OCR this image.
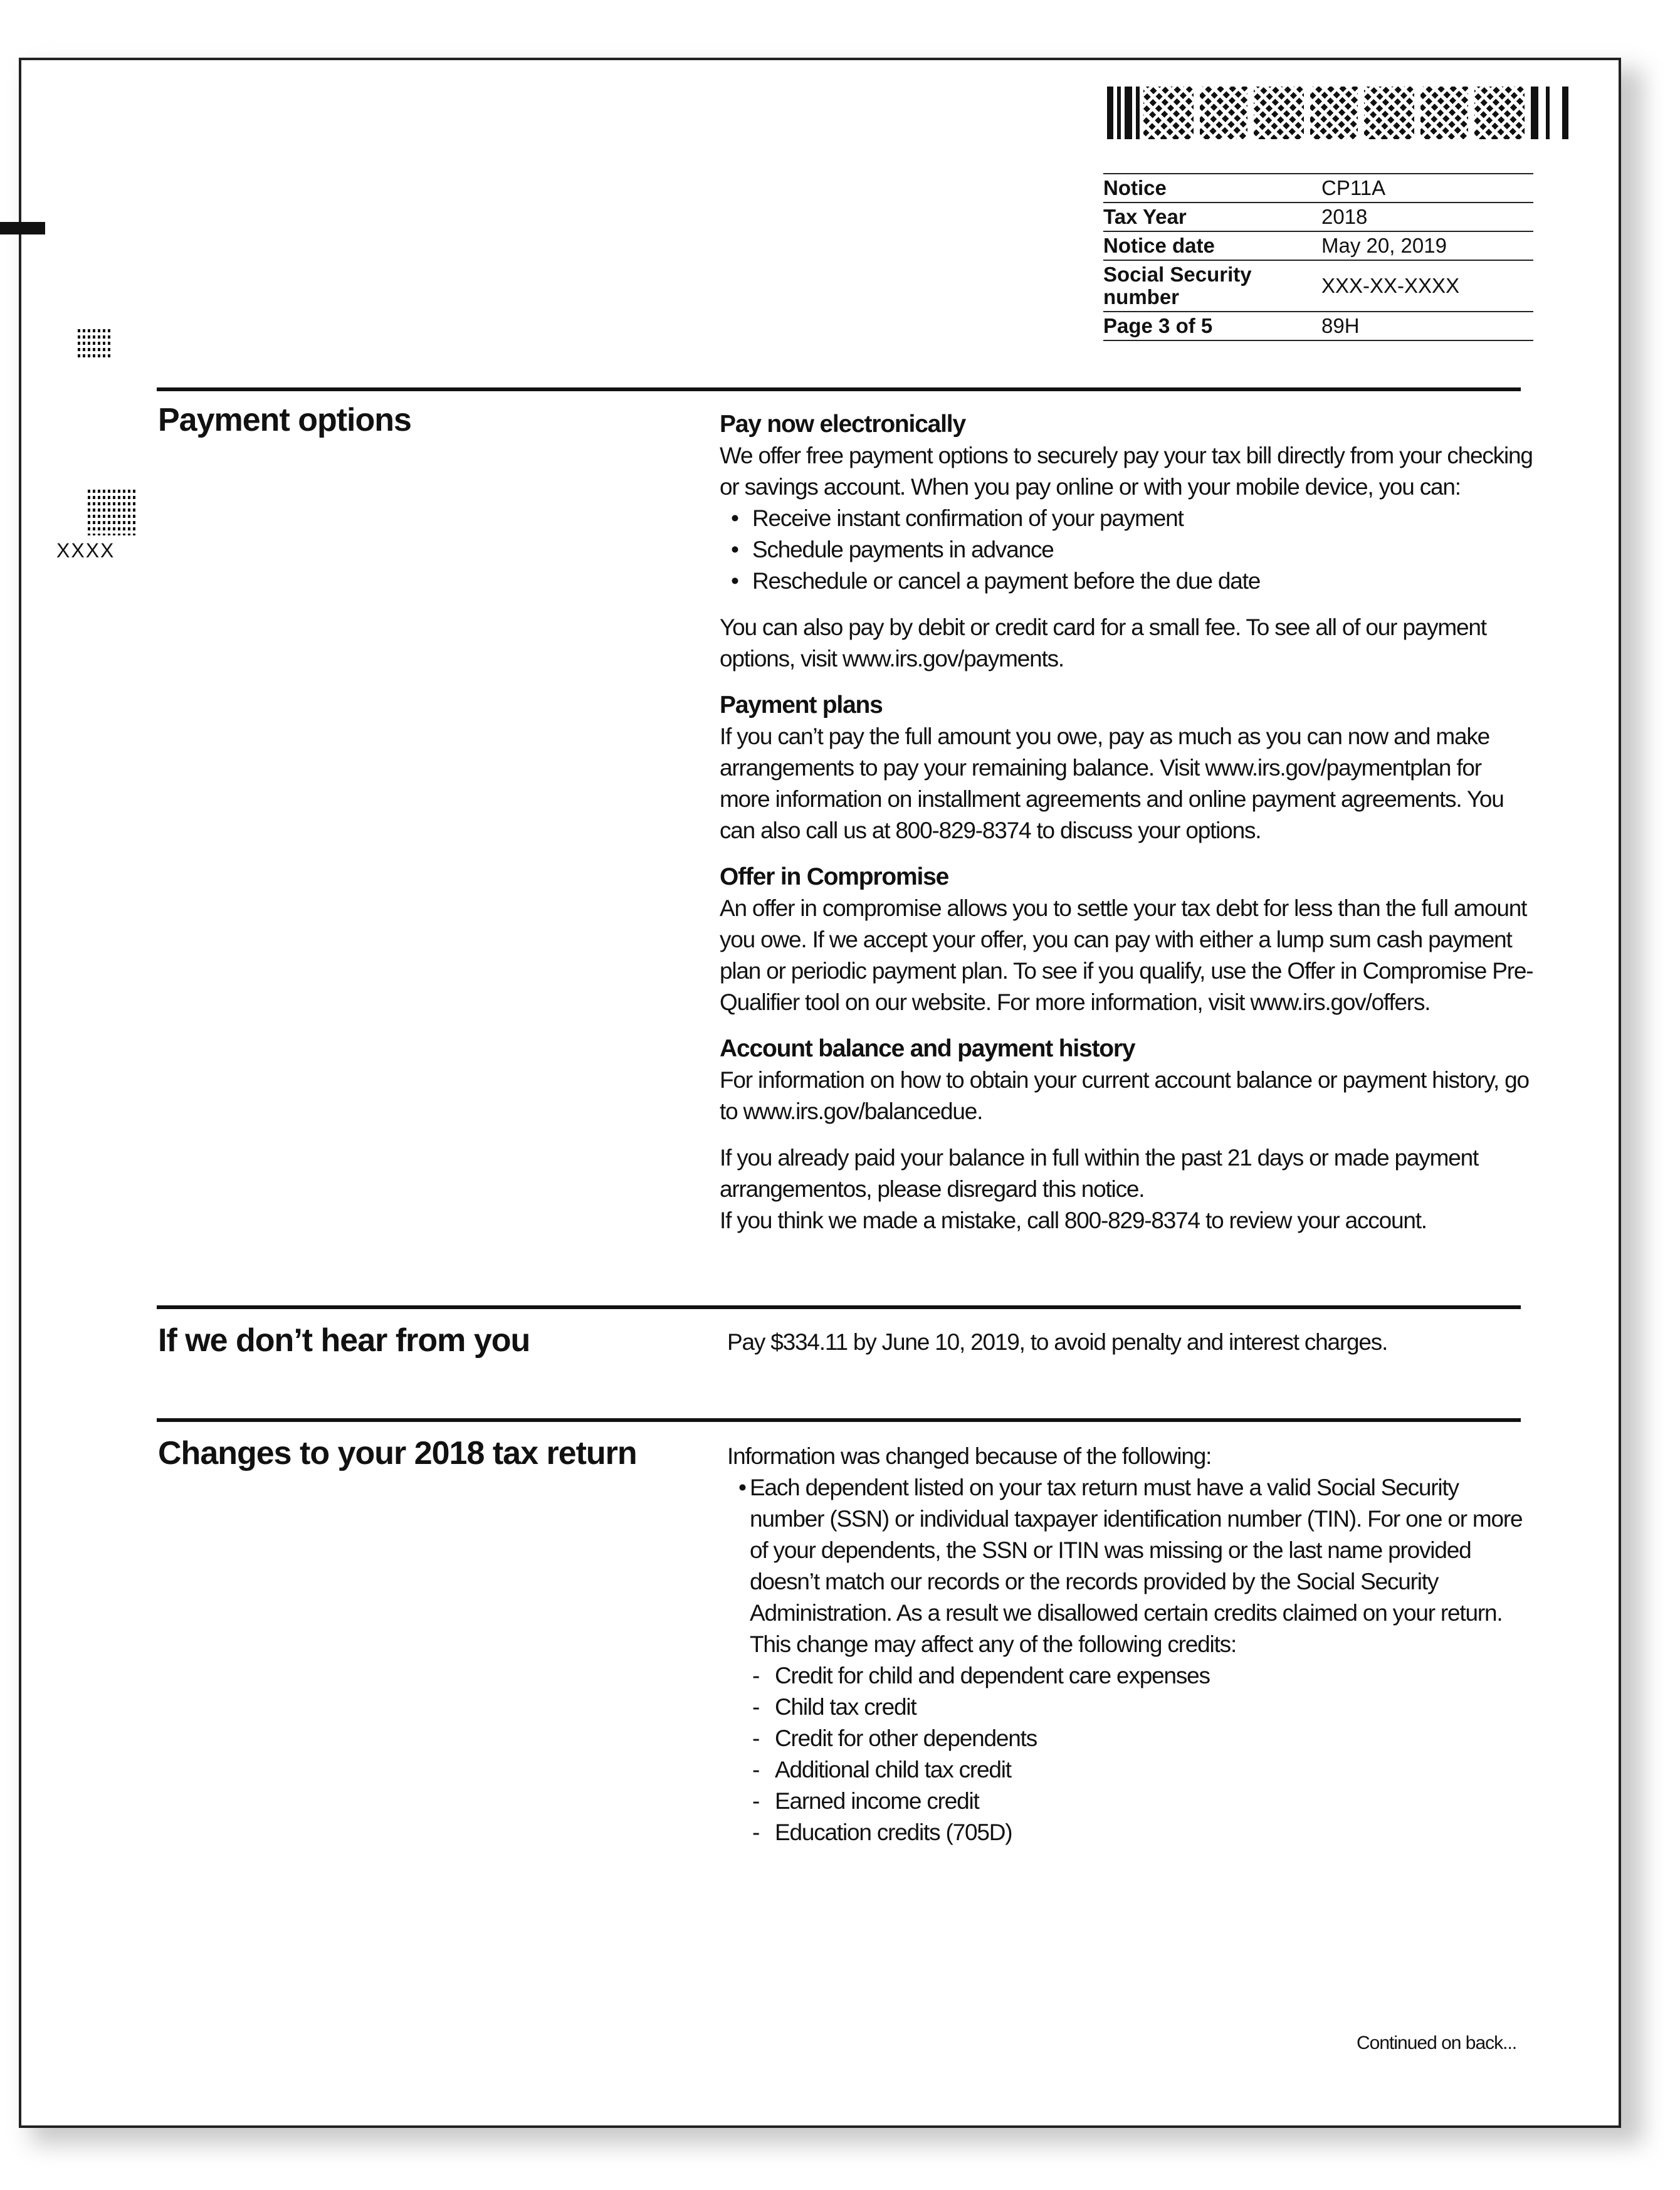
Notice	CP11A
Tax Year	2018
Notice date	May 20, 2019
Social Security number	XXX-XX-XXXX
Page 3 of 5	89H
XXXX
Payment options	Pay now electronically

We offer free payment options to securely pay your tax bill directly from your checking or savings account. When you pay online or with your mobile device, you can:

• Receive instant confirmation of your payment
• Schedule payments in advance
• Reschedule or cancel a payment before the due date

You can also pay by debit or credit card for a small fee. To see all of our payment options, visit www.irs.gov/payments.

Payment plans

If you can’t pay the full amount you owe, pay as much as you can now and make arrangements to pay your remaining balance. Visit www.irs.gov/paymentplan for more information on installment agreements and online payment agreements. You can also call us at 800-829-8374 to discuss your options.

Offer in Compromise

An offer in compromise allows you to settle your tax debt for less than the full amount you owe. If we accept your offer, you can pay with either a lump sum cash payment plan or periodic payment plan. To see if you qualify, use the Offer in Compromise Pre-Qualifier tool on our website. For more information, visit www.irs.gov/offers.

Account balance and payment history

For information on how to obtain your current account balance or payment history, go to www.irs.gov/balancedue.

If you already paid your balance in full within the past 21 days or made payment arrangementos, please disregard this notice.

If you think we made a mistake, call 800-829-8374 to review your account.

If we don’t hear from you	Pay $334.11 by June 10, 2019, to avoid penalty and interest charges.

Changes to your 2018 tax return	Information was changed because of the following:

• Each dependent listed on your tax return must have a valid Social Security number (SSN) or individual taxpayer identification number (TIN). For one or more of your dependents, the SSN or ITIN was missing or the last name provided doesn’t match our records or the records provided by the Social Security Administration. As a result we disallowed certain credits claimed on your return. This change may affect any of the following credits:
- Credit for child and dependent care expenses
- Child tax credit
- Credit for other dependents
- Additional child tax credit
- Earned income credit
- Education credits (705D)
Continued on back...
